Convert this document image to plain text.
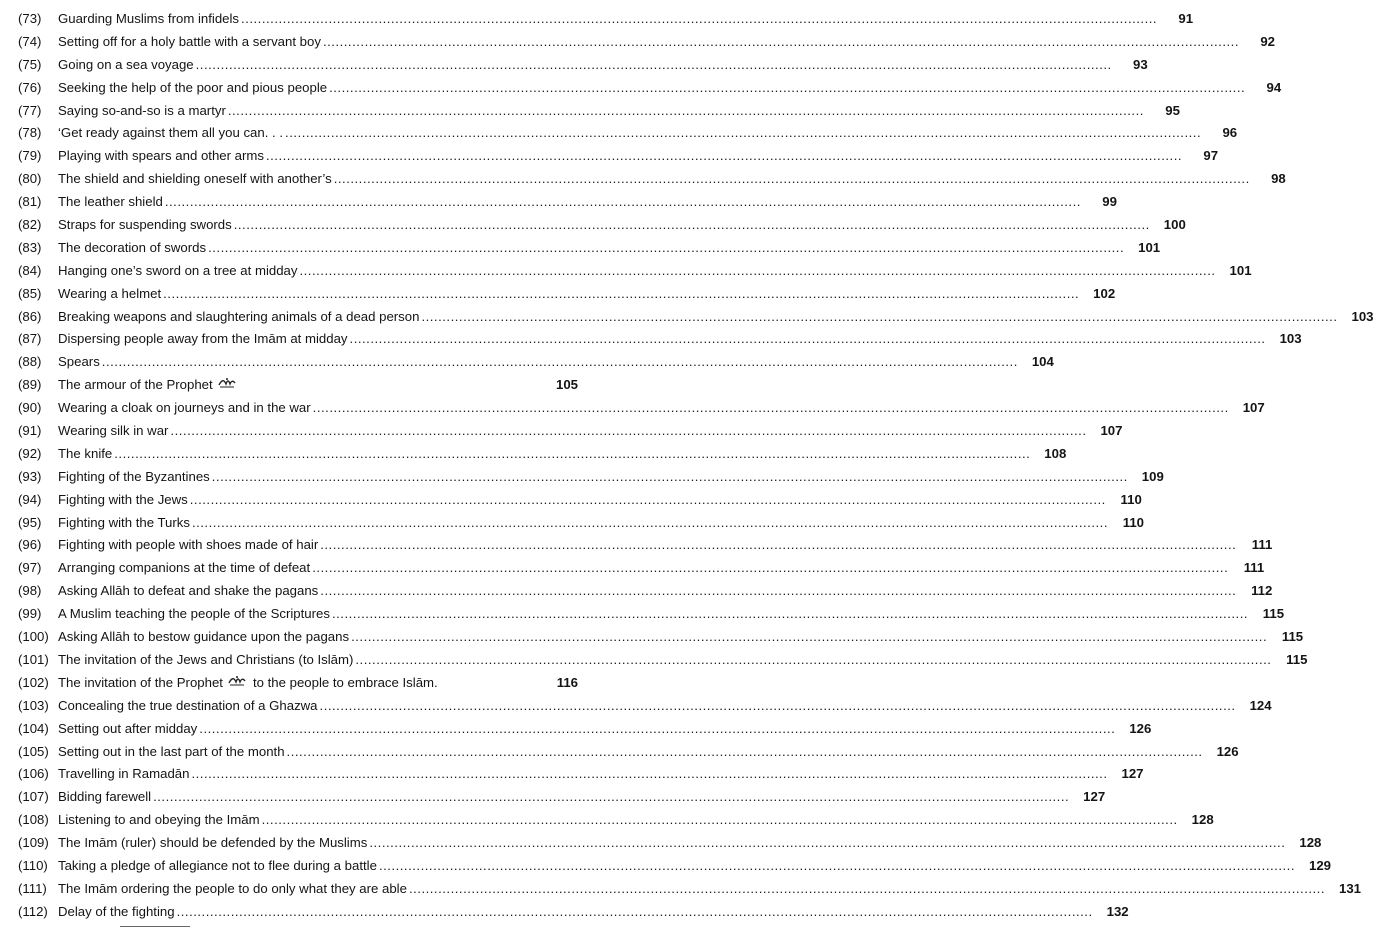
(73)	Guarding Muslims from infidels ............................................................................................................................................................................................................................	91
(74)	Setting off for a holy battle with a servant boy ............................................................................................................................................................................................................................	92
(75)	Going on a sea voyage ............................................................................................................................................................................................................................	93
(76)	Seeking the help of the poor and pious people ............................................................................................................................................................................................................................	94
(77)	Saying so-and-so is a martyr ............................................................................................................................................................................................................................	95
(78)	‘Get ready against them all you can. . . ............................................................................................................................................................................................................................	96
(79)	Playing with spears and other arms ............................................................................................................................................................................................................................	97
(80)	The shield and shielding oneself with another’s ............................................................................................................................................................................................................................	98
(81)	The leather shield ............................................................................................................................................................................................................................	99
(82)	Straps for suspending swords ............................................................................................................................................................................................................................	100
(83)	The decoration of swords ............................................................................................................................................................................................................................	101
(84)	Hanging one’s sword on a tree at midday ............................................................................................................................................................................................................................	101
(85)	Wearing a helmet ............................................................................................................................................................................................................................	102
(86)	Breaking weapons and slaughtering animals of a dead person ............................................................................................................................................................................................................................	103
(87)	Dispersing people away from the Imām at midday ............................................................................................................................................................................................................................	103
(88)	Spears ............................................................................................................................................................................................................................	104
(89)	The armour of the Prophet	105
(90)	Wearing a cloak on journeys and in the war ............................................................................................................................................................................................................................	107
(91)	Wearing silk in war ............................................................................................................................................................................................................................	107
(92)	The knife ............................................................................................................................................................................................................................	108
(93)	Fighting of the Byzantines ............................................................................................................................................................................................................................	109
(94)	Fighting with the Jews ............................................................................................................................................................................................................................	110
(95)	Fighting with the Turks ............................................................................................................................................................................................................................	110
(96)	Fighting with people with shoes made of hair ............................................................................................................................................................................................................................	111
(97)	Arranging companions at the time of defeat ............................................................................................................................................................................................................................	111
(98)	Asking Allāh to defeat and shake the pagans ............................................................................................................................................................................................................................	112
(99)	A Muslim teaching the people of the Scriptures ............................................................................................................................................................................................................................	115
(100) Asking Allāh to bestow guidance upon the pagans ............................................................................................................................................................................................................................	115
(101) The invitation of the Jews and Christians (to Islām) ............................................................................................................................................................................................................................	115
(102) The invitation of the Prophet to the people to embrace Islām.	116
(103) Concealing the true destination of a Ghazwa ............................................................................................................................................................................................................................	124
(104) Setting out after midday ............................................................................................................................................................................................................................	126
(105) Setting out in the last part of the month ............................................................................................................................................................................................................................	126
(106) Travelling in Ramadān ............................................................................................................................................................................................................................	127
(107) Bidding farewell ............................................................................................................................................................................................................................	127
(108) Listening to and obeying the Imām ............................................................................................................................................................................................................................	128
(109) The Imām (ruler) should be defended by the Muslims ............................................................................................................................................................................................................................	128
(110) Taking a pledge of allegiance not to flee during a battle ............................................................................................................................................................................................................................	129
(111) The Imām ordering the people to do only what they are able ............................................................................................................................................................................................................................	131
(112) Delay of the fighting ............................................................................................................................................................................................................................	132
